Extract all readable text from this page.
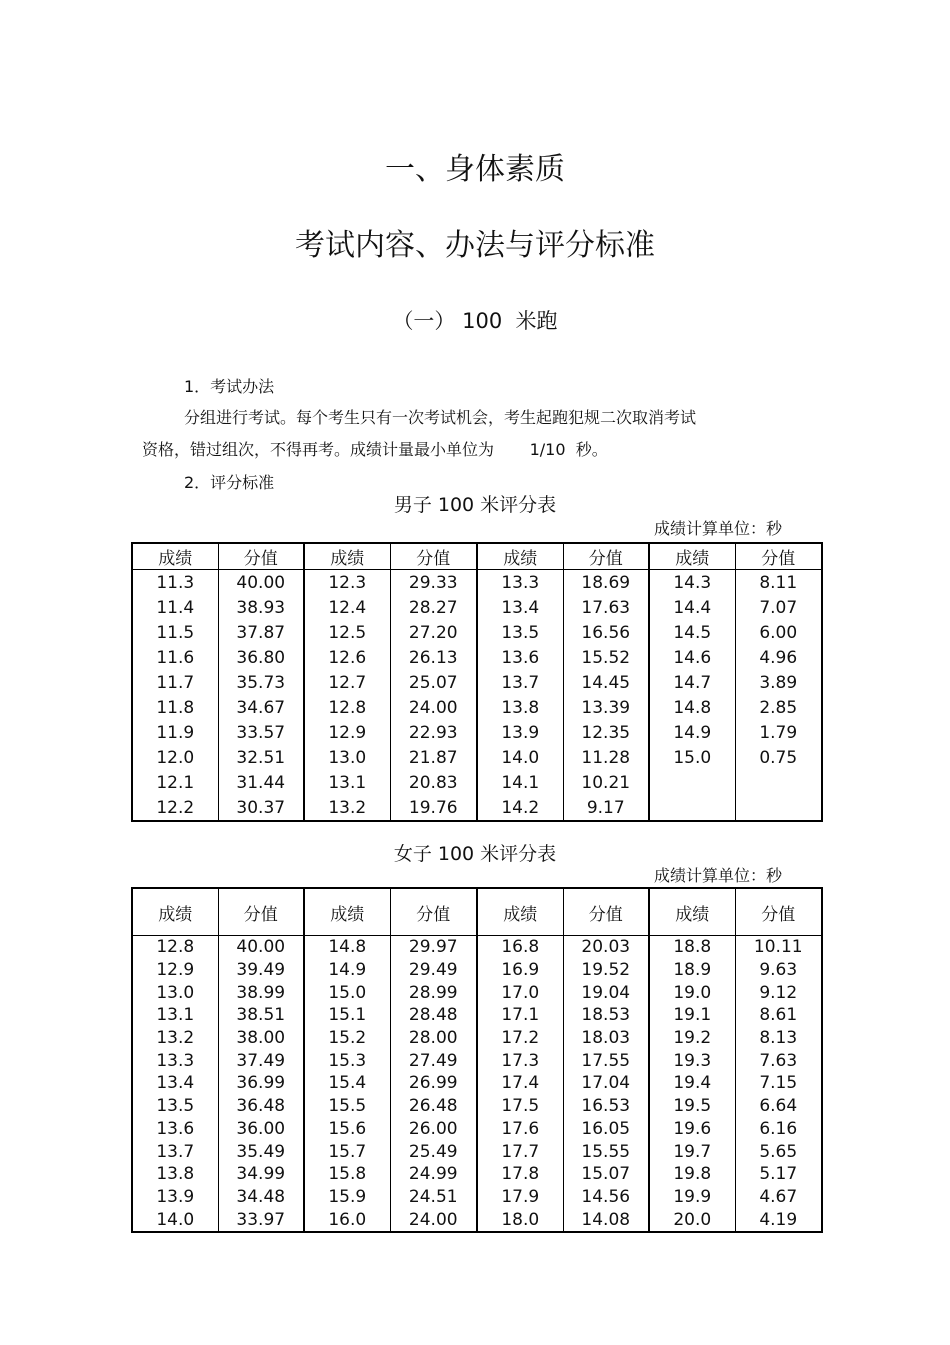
一、身体素质
考试内容、办法与评分标准
（一） 100  米跑
1．考试办法
分组进行考试。每个考生只有一次考试机会，考生起跑犯规二次取消考试
资格，错过组次，不得再考。成绩计量最小单位为       1/10  秒。
2．评分标准
男子 100 米评分表
成绩计算单位：秒
成绩	分值	成绩	分值	成绩	分值	成绩	分值
11.3	40.00	12.3	29.33	13.3	18.69	14.3	8.11
11.4	38.93	12.4	28.27	13.4	17.63	14.4	7.07
11.5	37.87	12.5	27.20	13.5	16.56	14.5	6.00
11.6	36.80	12.6	26.13	13.6	15.52	14.6	4.96
11.7	35.73	12.7	25.07	13.7	14.45	14.7	3.89
11.8	34.67	12.8	24.00	13.8	13.39	14.8	2.85
11.9	33.57	12.9	22.93	13.9	12.35	14.9	1.79
12.0	32.51	13.0	21.87	14.0	11.28	15.0	0.75
12.1	31.44	13.1	20.83	14.1	10.21		
12.2	30.37	13.2	19.76	14.2	9.17		
女子 100 米评分表
成绩计算单位：秒
成绩	分值	成绩	分值	成绩	分值	成绩	分值
12.8	40.00	14.8	29.97	16.8	20.03	18.8	10.11
12.9	39.49	14.9	29.49	16.9	19.52	18.9	9.63
13.0	38.99	15.0	28.99	17.0	19.04	19.0	9.12
13.1	38.51	15.1	28.48	17.1	18.53	19.1	8.61
13.2	38.00	15.2	28.00	17.2	18.03	19.2	8.13
13.3	37.49	15.3	27.49	17.3	17.55	19.3	7.63
13.4	36.99	15.4	26.99	17.4	17.04	19.4	7.15
13.5	36.48	15.5	26.48	17.5	16.53	19.5	6.64
13.6	36.00	15.6	26.00	17.6	16.05	19.6	6.16
13.7	35.49	15.7	25.49	17.7	15.55	19.7	5.65
13.8	34.99	15.8	24.99	17.8	15.07	19.8	5.17
13.9	34.48	15.9	24.51	17.9	14.56	19.9	4.67
14.0	33.97	16.0	24.00	18.0	14.08	20.0	4.19
